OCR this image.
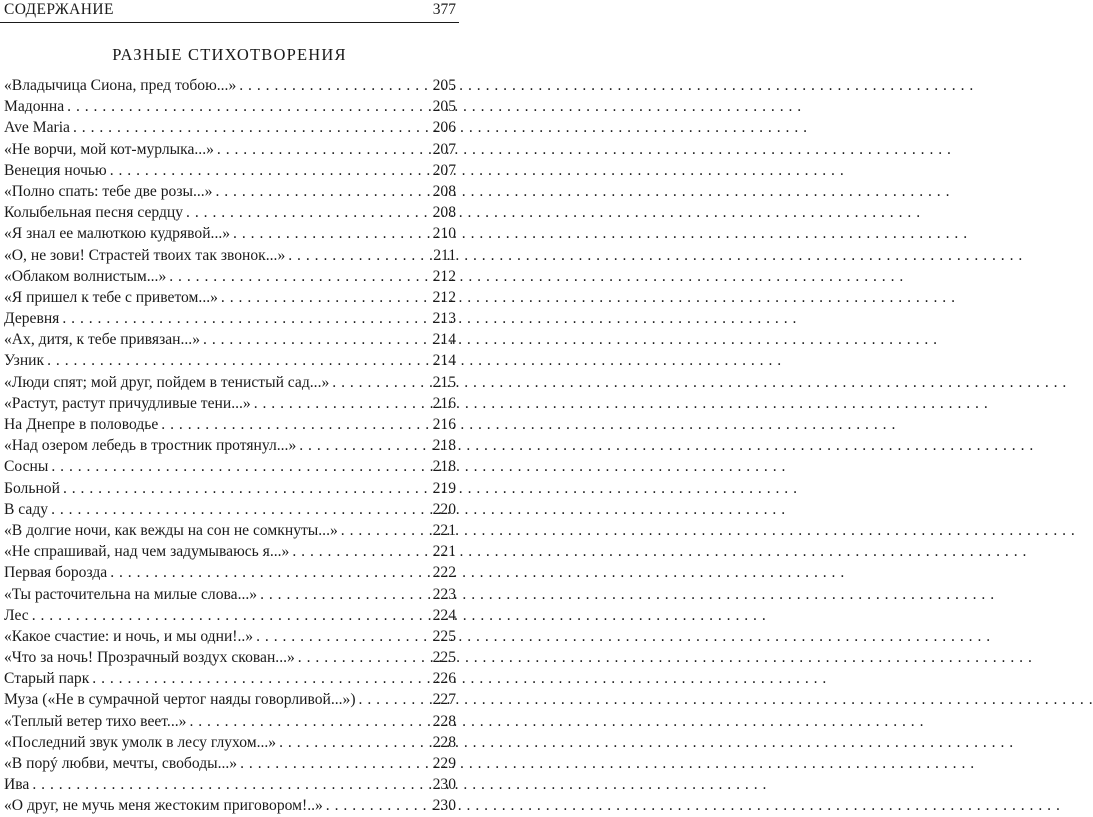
СОДЕРЖАНИЕ	377
РАЗНЫЕ СТИХОТВОРЕНИЯ
«Владычица Сиона, пред тобою...» . . .	205
Мадонна . . .	205
Ave Maria . . .	206
«Не ворчи, мой кот-мурлыка...» . . .	207
Венеция ночью . . .	207
«Полно спать: тебе две розы...» . . .	208
Колыбельная песня сердцу . . .	208
«Я знал ее малюткою кудрявой...» . . .	210
«О, не зови! Страстей твоих так звонок...» . . .	211
«Облаком волнистым...» . . .	212
«Я пришел к тебе с приветом...» . . .	212
Деревня . . .	213
«Ах, дитя, к тебе привязан...» . . .	214
Узник . . .	214
«Люди спят; мой друг, пойдем в тенистый сад...» . . .	215
«Растут, растут причудливые тени...» . . .	216
На Днепре в половодье . . .	216
«Над озером лебедь в тростник протянул...» . . .	218
Сосны . . .	218
Больной . . .	219
В саду . . .	220
«В долгие ночи, как вежды на сон не сомкнуты...» . . .	221
«Не спрашивай, над чем задумываюсь я...» . . .	221
Первая борозда . . .	222
«Ты расточительна на милые слова...» . . .	223
Лес . . .	224
«Какое счастие: и ночь, и мы одни!..» . . .	225
«Что за ночь! Прозрачный воздух скован...» . . .	225
Старый парк . . .	226
Муза («Не в сумрачной чертог наяды говорливой...») . . .	227
«Теплый ветер тихо веет...» . . .	228
«Последний звук умолк в лесу глухом...» . . .	228
«В порý любви, мечты, свободы...» . . .	229
Ива . . .	230
«О друг, не мучь меня жестоким приговором!..» . . .	230
